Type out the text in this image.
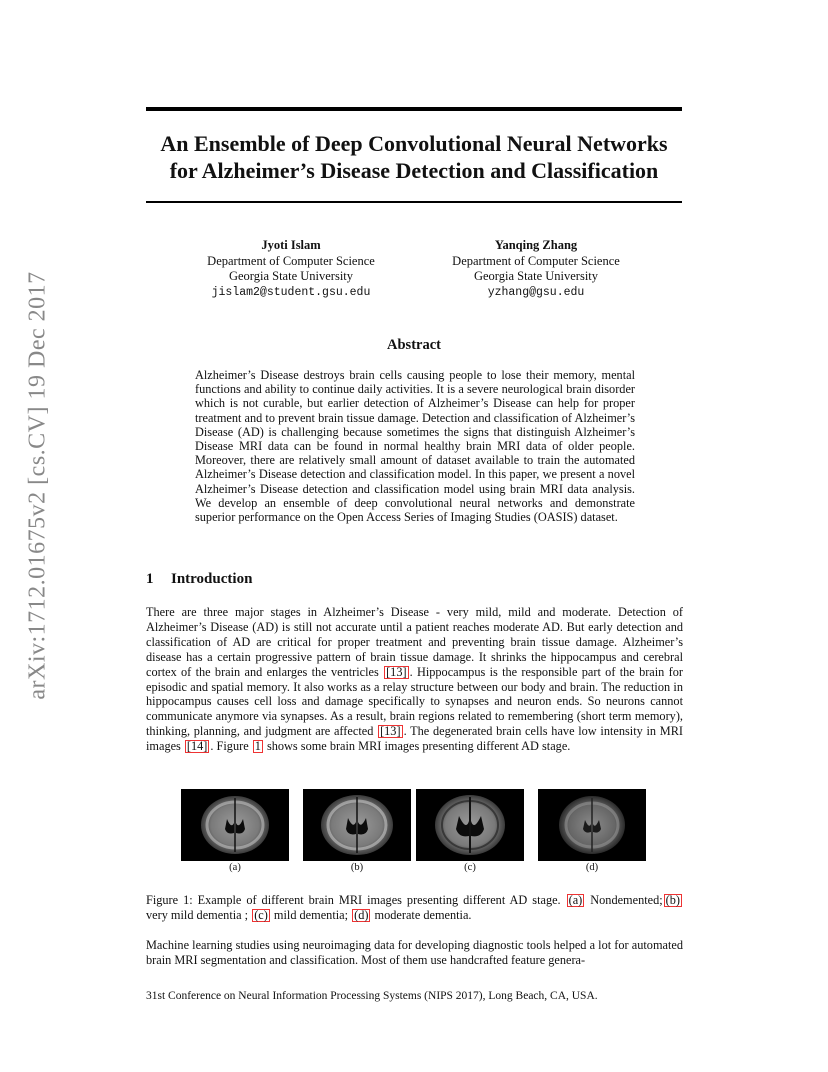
arXiv:1712.01675v2 [cs.CV] 19 Dec 2017
An Ensemble of Deep Convolutional Neural Networks
for Alzheimer’s Disease Detection and Classification
Jyoti Islam
Department of Computer Science
Georgia State University
jislam2@student.gsu.edu
Yanqing Zhang
Department of Computer Science
Georgia State University
yzhang@gsu.edu
Abstract

Alzheimer’s Disease destroys brain cells causing people to lose their memory, mental functions and ability to continue daily activities. It is a severe neurological brain disorder which is not curable, but earlier detection of Alzheimer’s Disease can help for proper treatment and to prevent brain tissue damage. Detection and classification of Alzheimer’s Disease (AD) is challenging because sometimes the signs that distinguish Alzheimer’s Disease MRI data can be found in normal healthy brain MRI data of older people. Moreover, there are relatively small amount of dataset available to train the automated Alzheimer’s Disease detection and classification model. In this paper, we present a novel Alzheimer’s Disease detection and classification model using brain MRI data analysis. We develop an ensemble of deep convolutional neural networks and demonstrate superior performance on the Open Access Series of Imaging Studies (OASIS) dataset.

1 Introduction

There are three major stages in Alzheimer’s Disease - very mild, mild and moderate. Detection of Alzheimer’s Disease (AD) is still not accurate until a patient reaches moderate AD. But early detection and classification of AD are critical for proper treatment and preventing brain tissue damage. Alzheimer’s disease has a certain progressive pattern of brain tissue damage. It shrinks the hippocampus and cerebral cortex of the brain and enlarges the ventricles [13] . Hippocampus is the responsible part of the brain for episodic and spatial memory. It also works as a relay structure between our body and brain. The reduction in hippocampus causes cell loss and damage specifically to synapses and neuron ends. So neurons cannot communicate anymore via synapses. As a result, brain regions related to remembering (short term memory), thinking, planning, and judgment are affected [13] . The degenerated brain cells have low intensity in MRI images [14] . Figure 1 shows some brain MRI images presenting different AD stage.

(a)	(b)	(c)	(d)

Figure 1: Example of different brain MRI images presenting different AD stage. (a) Nondemented; (b) very mild dementia ; (c) mild dementia; (d) moderate dementia.

Machine learning studies using neuroimaging data for developing diagnostic tools helped a lot for automated brain MRI segmentation and classification. Most of them use handcrafted feature genera-

31st Conference on Neural Information Processing Systems (NIPS 2017), Long Beach, CA, USA.
